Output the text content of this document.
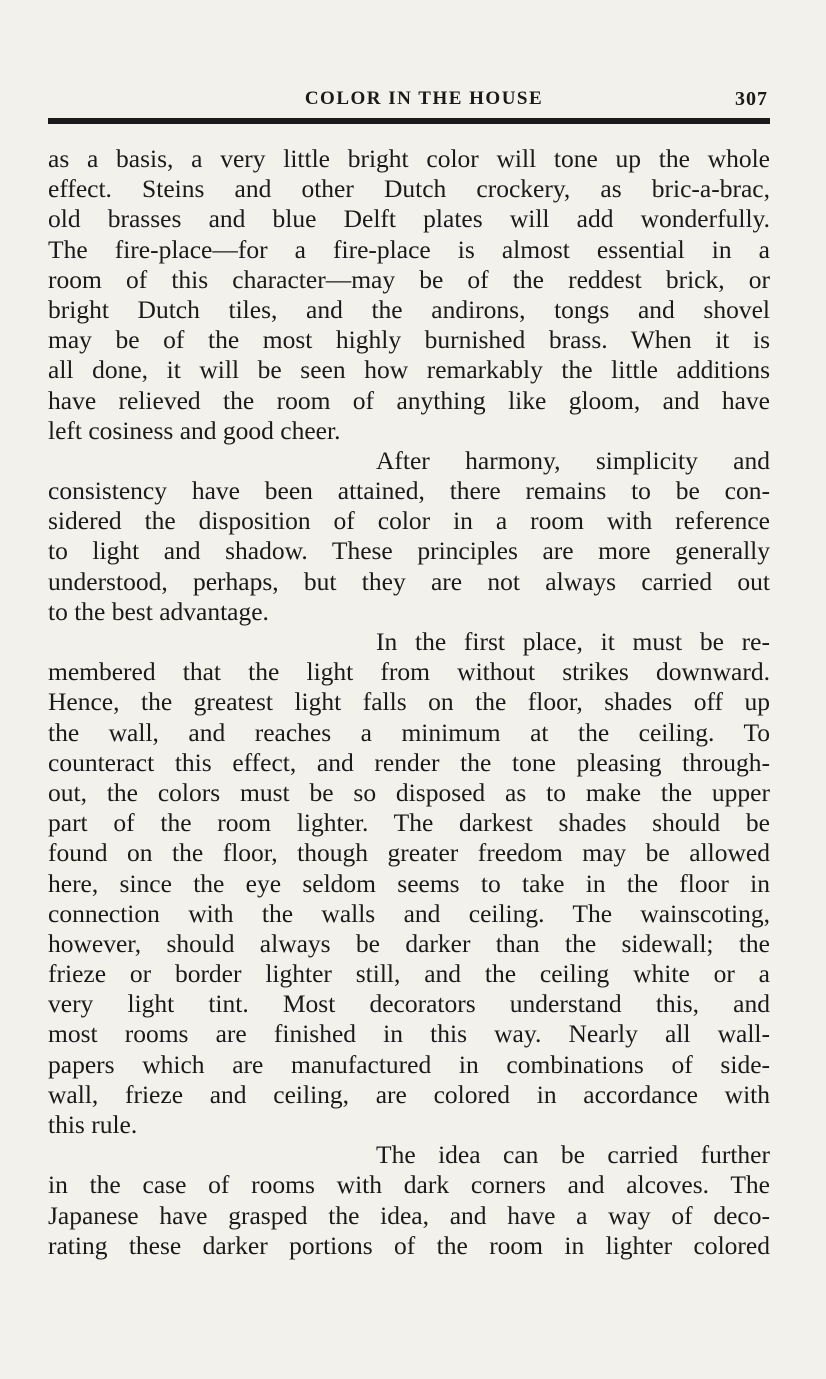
COLOR IN THE HOUSE	307
as a basis, a very little bright color will tone up the whole
effect. Steins and other Dutch crockery, as bric-a-brac,
old brasses and blue Delft plates will add wonderfully.
The fire-place—for a fire-place is almost essential in a
room of this character—may be of the reddest brick, or
bright Dutch tiles, and the andirons, tongs and shovel
may be of the most highly burnished brass. When it is
all done, it will be seen how remarkably the little additions
have relieved the room of anything like gloom, and have
left cosiness and good cheer.
After harmony, simplicity and
consistency have been attained, there remains to be con-
sidered the disposition of color in a room with reference
to light and shadow. These principles are more generally
understood, perhaps, but they are not always carried out
to the best advantage.
In the first place, it must be re-
membered that the light from without strikes downward.
Hence, the greatest light falls on the floor, shades off up
the wall, and reaches a minimum at the ceiling. To
counteract this effect, and render the tone pleasing through-
out, the colors must be so disposed as to make the upper
part of the room lighter. The darkest shades should be
found on the floor, though greater freedom may be allowed
here, since the eye seldom seems to take in the floor in
connection with the walls and ceiling. The wainscoting,
however, should always be darker than the sidewall; the
frieze or border lighter still, and the ceiling white or a
very light tint. Most decorators understand this, and
most rooms are finished in this way. Nearly all wall-
papers which are manufactured in combinations of side-
wall, frieze and ceiling, are colored in accordance with
this rule.
The idea can be carried further
in the case of rooms with dark corners and alcoves. The
Japanese have grasped the idea, and have a way of deco-
rating these darker portions of the room in lighter colored
